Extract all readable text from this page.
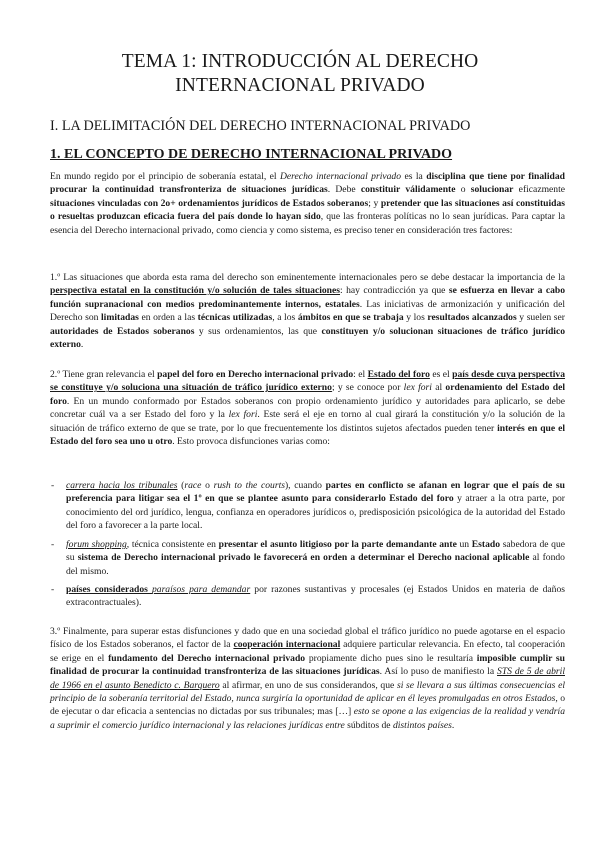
TEMA 1: INTRODUCCIÓN AL DERECHO
INTERNACIONAL PRIVADO
I. LA DELIMITACIÓN DEL DERECHO INTERNACIONAL PRIVADO
1. EL CONCEPTO DE DERECHO INTERNACIONAL PRIVADO

En mundo regido por el principio de soberanía estatal, el Derecho internacional privado es la disciplina que tiene por finalidad procurar la continuidad transfronteriza de situaciones jurídicas. Debe constituir válidamente o solucionar eficazmente situaciones vinculadas con 2o+ ordenamientos jurídicos de Estados soberanos; y pretender que las situaciones así constituidas o resueltas produzcan eficacia fuera del país donde lo hayan sido, que las fronteras políticas no lo sean jurídicas. Para captar la esencia del Derecho internacional privado, como ciencia y como sistema, es preciso tener en consideración tres factores:

1.º Las situaciones que aborda esta rama del derecho son eminentemente internacionales pero se debe destacar la importancia de la perspectiva estatal en la constitución y/o solución de tales situaciones: hay contradicción ya que se esfuerza en llevar a cabo función supranacional con medios predominantemente internos, estatales. Las iniciativas de armonización y unificación del Derecho son limitadas en orden a las técnicas utilizadas, a los ámbitos en que se trabaja y los resultados alcanzados y suelen ser autoridades de Estados soberanos y sus ordenamientos, las que constituyen y/o solucionan situaciones de tráfico jurídico externo.

2.º Tiene gran relevancia el papel del foro en Derecho internacional privado: el Estado del foro es el país desde cuya perspectiva se constituye y/o soluciona una situación de tráfico jurídico externo; y se conoce por lex fori al ordenamiento del Estado del foro. En un mundo conformado por Estados soberanos con propio ordenamiento jurídico y autoridades para aplicarlo, se debe concretar cuál va a ser Estado del foro y la lex fori. Este será el eje en torno al cual girará la constitución y/o la solución de la situación de tráfico externo de que se trate, por lo que frecuentemente los distintos sujetos afectados pueden tener interés en que el Estado del foro sea uno u otro. Esto provoca disfunciones varias como:

- carrera hacia los tribunales (race o rush to the courts), cuando partes en conflicto se afanan en lograr que el país de su preferencia para litigar sea el 1º en que se plantee asunto para considerarlo Estado del foro y atraer a la otra parte, por conocimiento del ord jurídico, lengua, confianza en operadores jurídicos o, predisposición psicológica de la autoridad del Estado del foro a favorecer a la parte local.

- forum shopping, técnica consistente en presentar el asunto litigioso por la parte demandante ante un Estado sabedora de que su sistema de Derecho internacional privado le favorecerá en orden a determinar el Derecho nacional aplicable al fondo del mismo.

- países considerados paraísos para demandar por razones sustantivas y procesales (ej Estados Unidos en materia de daños extracontractuales).

3.º Finalmente, para superar estas disfunciones y dado que en una sociedad global el tráfico jurídico no puede agotarse en el espacio físico de los Estados soberanos, el factor de la cooperación internacional adquiere particular relevancia. En efecto, tal cooperación se erige en el fundamento del Derecho internacional privado propiamente dicho pues sino le resultaría imposible cumplir su finalidad de procurar la continuidad transfronteriza de las situaciones jurídicas. Así lo puso de manifiesto la STS de 5 de abril de 1966 en el asunto Benedicto c. Barquero al afirmar, en uno de sus considerandos, que si se llevara a sus últimas consecuencias el principio de la soberanía territorial del Estado, nunca surgiría la oportunidad de aplicar en él leyes promulgadas en otros Estados, o de ejecutar o dar eficacia a sentencias no dictadas por sus tribunales; mas […] esto se opone a las exigencias de la realidad y vendría a suprimir el comercio jurídico internacional y las relaciones jurídicas entre súbditos de distintos países.
